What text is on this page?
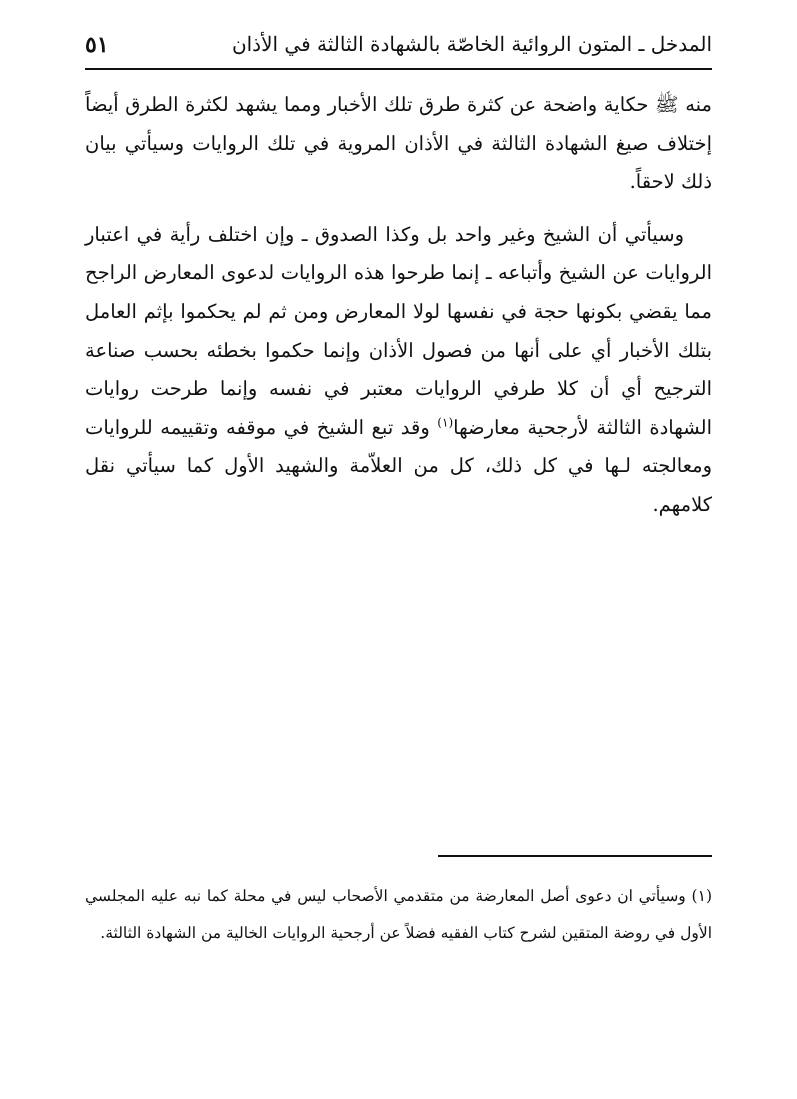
المدخل ـ المتون الروائية الخاصّة بالشهادة الثالثة في الأذان
٥١

منه ﷺ حكاية واضحة عن كثرة طرق تلك الأخبار ومما يشهد لكثرة الطرق أيضاً إختلاف صيغ الشهادة الثالثة في الأذان المروية في تلك الروايات وسيأتي بيان ذلك لاحقاً.

وسيأتي أن الشيخ وغير واحد بل وكذا الصدوق ـ وإن اختلف رأية في اعتبار الروايات عن الشيخ وأتباعه ـ إنما طرحوا هذه الروايات لدعوى المعارض الراجح مما يقضي بكونها حجة في نفسها لولا المعارض ومن ثم لم يحكموا بإثم العامل بتلك الأخبار أي على أنها من فصول الأذان وإنما حكموا بخطئه بحسب صناعة الترجيح أي أن كلا طرفي الروايات معتبر في نفسه وإنما طرحت روايات الشهادة الثالثة لأرجحية معارضها$^{(١)}$ وقد تبع الشيخ في موقفه وتقييمه للروايات ومعالجته لـها في كل ذلك، كل من العلاّمة والشهيد الأول كما سيأتي نقل كلامهم.

(١) وسيأتي ان دعوى أصل المعارضة من متقدمي الأصحاب ليس في محلة كما نبه عليه المجلسي الأول في روضة المتقين لشرح كتاب الفقيه فضلاً عن أرجحية الروايات الخالية من الشهادة الثالثة.
